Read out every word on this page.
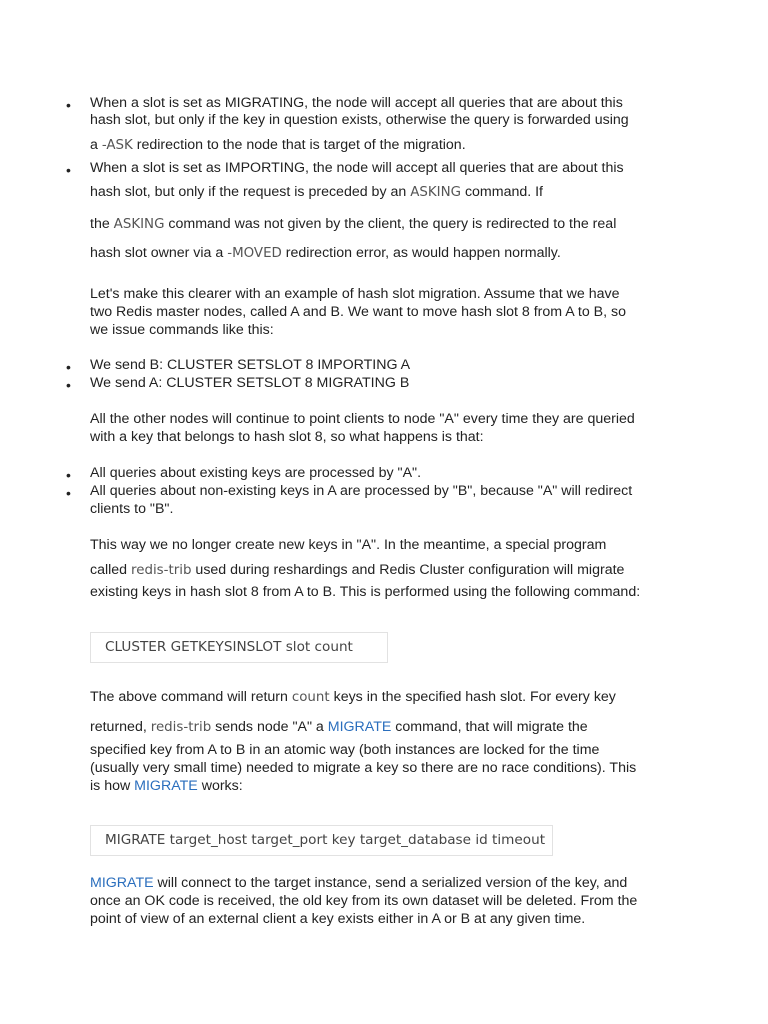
• When a slot is set as MIGRATING, the node will accept all queries that are about this
hash slot, but only if the key in question exists, otherwise the query is forwarded using
a -ASK redirection to the node that is target of the migration.
• When a slot is set as IMPORTING, the node will accept all queries that are about this
hash slot, but only if the request is preceded by an ASKING command. If
the ASKING command was not given by the client, the query is redirected to the real
hash slot owner via a -MOVED redirection error, as would happen normally.
Let's make this clearer with an example of hash slot migration. Assume that we have
two Redis master nodes, called A and B. We want to move hash slot 8 from A to B, so
we issue commands like this:
• We send B: CLUSTER SETSLOT 8 IMPORTING A
• We send A: CLUSTER SETSLOT 8 MIGRATING B
All the other nodes will continue to point clients to node "A" every time they are queried
with a key that belongs to hash slot 8, so what happens is that:
• All queries about existing keys are processed by "A".
• All queries about non-existing keys in A are processed by "B", because "A" will redirect
clients to "B".
This way we no longer create new keys in "A". In the meantime, a special program
called redis-trib used during reshardings and Redis Cluster configuration will migrate
existing keys in hash slot 8 from A to B. This is performed using the following command:
CLUSTER GETKEYSINSLOT slot count
The above command will return count keys in the specified hash slot. For every key
returned, redis-trib sends node "A" a MIGRATE command, that will migrate the
specified key from A to B in an atomic way (both instances are locked for the time
(usually very small time) needed to migrate a key so there are no race conditions). This
is how MIGRATE works:
MIGRATE target_host target_port key target_database id timeout
MIGRATE will connect to the target instance, send a serialized version of the key, and
once an OK code is received, the old key from its own dataset will be deleted. From the
point of view of an external client a key exists either in A or B at any given time.
